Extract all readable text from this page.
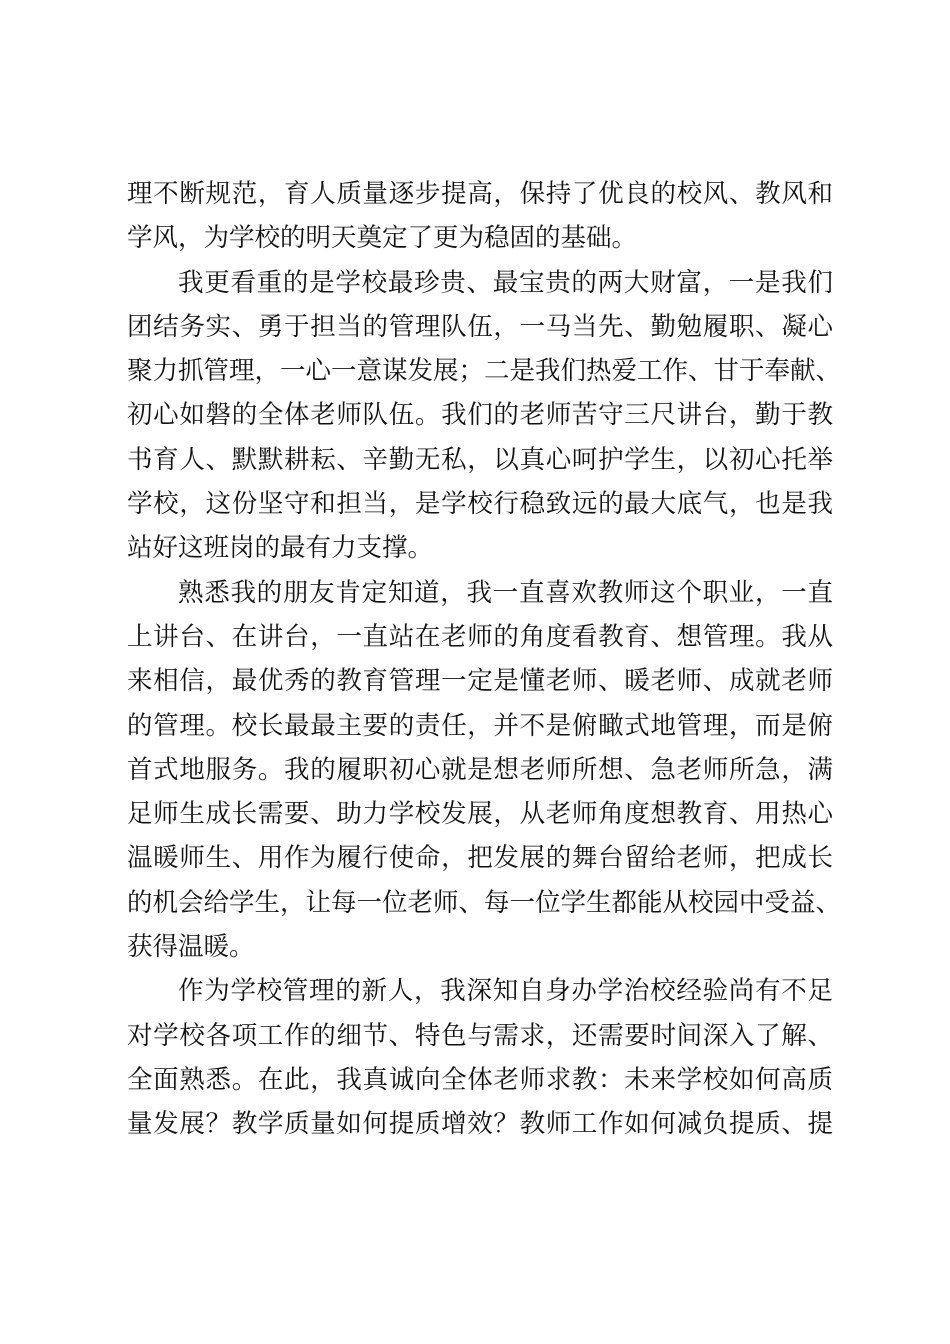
理不断规范，育人质量逐步提高，保持了优良的校风、教风和
学风，为学校的明天奠定了更为稳固的基础。
我更看重的是学校最珍贵、最宝贵的两大财富，一是我们
团结务实、勇于担当的管理队伍，一马当先、勤勉履职、凝心
聚力抓管理，一心一意谋发展；二是我们热爱工作、甘于奉献、
初心如磐的全体老师队伍。我们的老师苦守三尺讲台，勤于教
书育人、默默耕耘、辛勤无私，以真心呵护学生，以初心托举
学校，这份坚守和担当，是学校行稳致远的最大底气，也是我
站好这班岗的最有力支撑。
熟悉我的朋友肯定知道，我一直喜欢教师这个职业，一直
上讲台、在讲台，一直站在老师的角度看教育、想管理。我从
来相信，最优秀的教育管理一定是懂老师、暖老师、成就老师
的管理。校长最最主要的责任，并不是俯瞰式地管理，而是俯
首式地服务。我的履职初心就是想老师所想、急老师所急，满
足师生成长需要、助力学校发展，从老师角度想教育、用热心
温暖师生、用作为履行使命，把发展的舞台留给老师，把成长
的机会给学生，让每一位老师、每一位学生都能从校园中受益、
获得温暖。
作为学校管理的新人，我深知自身办学治校经验尚有不足
对学校各项工作的细节、特色与需求，还需要时间深入了解、
全面熟悉。在此，我真诚向全体老师求教：未来学校如何高质
量发展？教学质量如何提质增效？教师工作如何减负提质、提
